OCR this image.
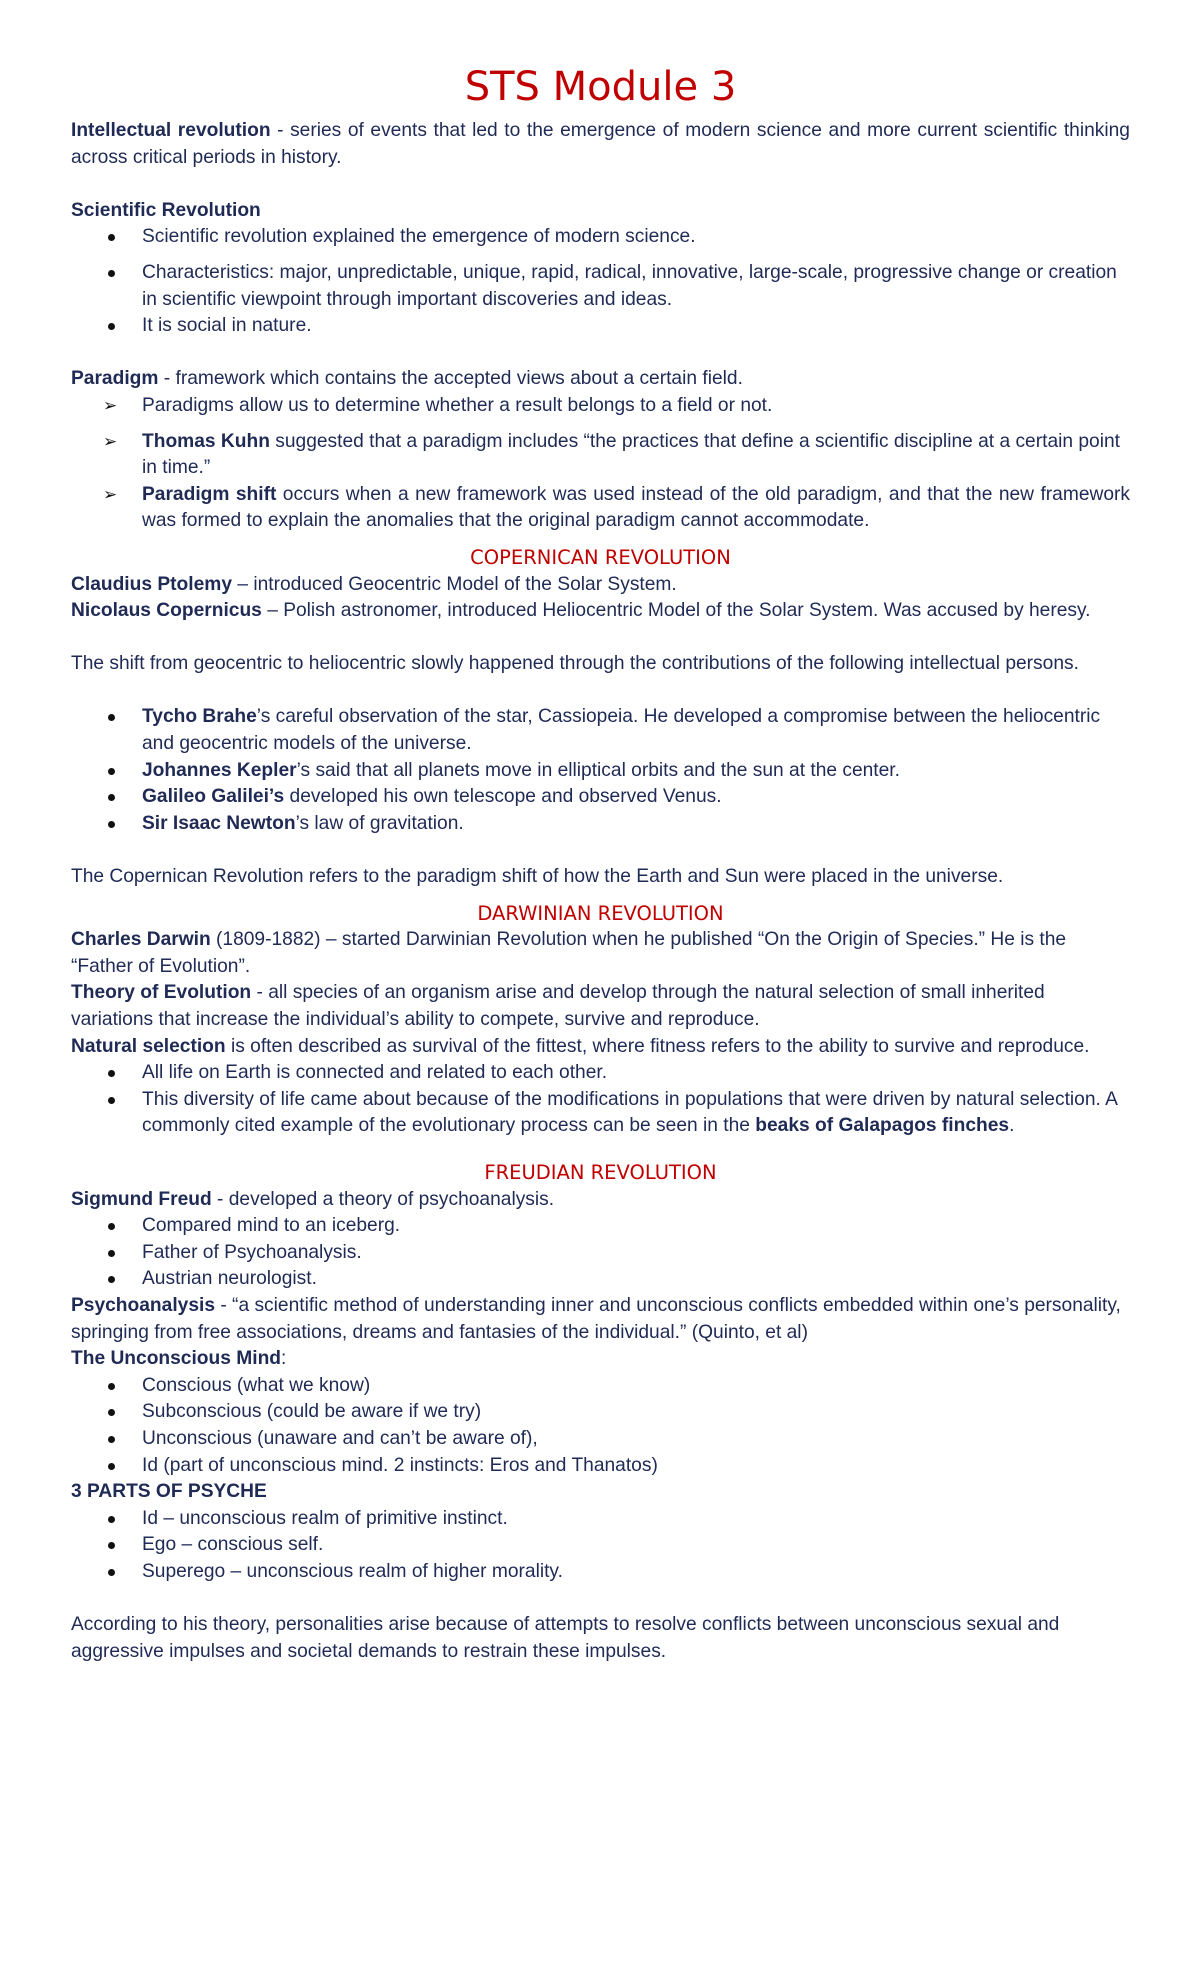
STS Module 3

Intellectual revolution - series of events that led to the emergence of modern science and more current scientific thinking across critical periods in history.

Scientific Revolution

Scientific revolution explained the emergence of modern science.
Characteristics: major, unpredictable, unique, rapid, radical, innovative, large-scale, progressive change or creation in scientific viewpoint through important discoveries and ideas.
It is social in nature.

Paradigm - framework which contains the accepted views about a certain field.

➢ Paradigms allow us to determine whether a result belongs to a field or not.
➢ Thomas Kuhn suggested that a paradigm includes “the practices that define a scientific discipline at a certain point in time.”
➢ Paradigm shift occurs when a new framework was used instead of the old paradigm, and that the new framework was formed to explain the anomalies that the original paradigm cannot accommodate.
COPERNICAN REVOLUTION

Claudius Ptolemy – introduced Geocentric Model of the Solar System.

Nicolaus Copernicus – Polish astronomer, introduced Heliocentric Model of the Solar System. Was accused by heresy.

The shift from geocentric to heliocentric slowly happened through the contributions of the following intellectual persons.

Tycho Brahe’s careful observation of the star, Cassiopeia. He developed a compromise between the heliocentric and geocentric models of the universe.
Johannes Kepler’s said that all planets move in elliptical orbits and the sun at the center.
Galileo Galilei’s developed his own telescope and observed Venus.
Sir Isaac Newton’s law of gravitation.

The Copernican Revolution refers to the paradigm shift of how the Earth and Sun were placed in the universe.

DARWINIAN REVOLUTION

Charles Darwin (1809-1882) – started Darwinian Revolution when he published “On the Origin of Species.” He is the “Father of Evolution”.

Theory of Evolution - all species of an organism arise and develop through the natural selection of small inherited variations that increase the individual’s ability to compete, survive and reproduce.

Natural selection is often described as survival of the fittest, where fitness refers to the ability to survive and reproduce.

All life on Earth is connected and related to each other.
This diversity of life came about because of the modifications in populations that were driven by natural selection. A commonly cited example of the evolutionary process can be seen in the beaks of Galapagos finches.
FREUDIAN REVOLUTION

Sigmund Freud - developed a theory of psychoanalysis.

Compared mind to an iceberg.
Father of Psychoanalysis.
Austrian neurologist.

Psychoanalysis - “a scientific method of understanding inner and unconscious conflicts embedded within one’s personality, springing from free associations, dreams and fantasies of the individual.” (Quinto, et al)

The Unconscious Mind:

Conscious (what we know)
Subconscious (could be aware if we try)
Unconscious (unaware and can’t be aware of),
Id (part of unconscious mind. 2 instincts: Eros and Thanatos)

3 PARTS OF PSYCHE

Id – unconscious realm of primitive instinct.
Ego – conscious self.
Superego – unconscious realm of higher morality.

According to his theory, personalities arise because of attempts to resolve conflicts between unconscious sexual and aggressive impulses and societal demands to restrain these impulses.
